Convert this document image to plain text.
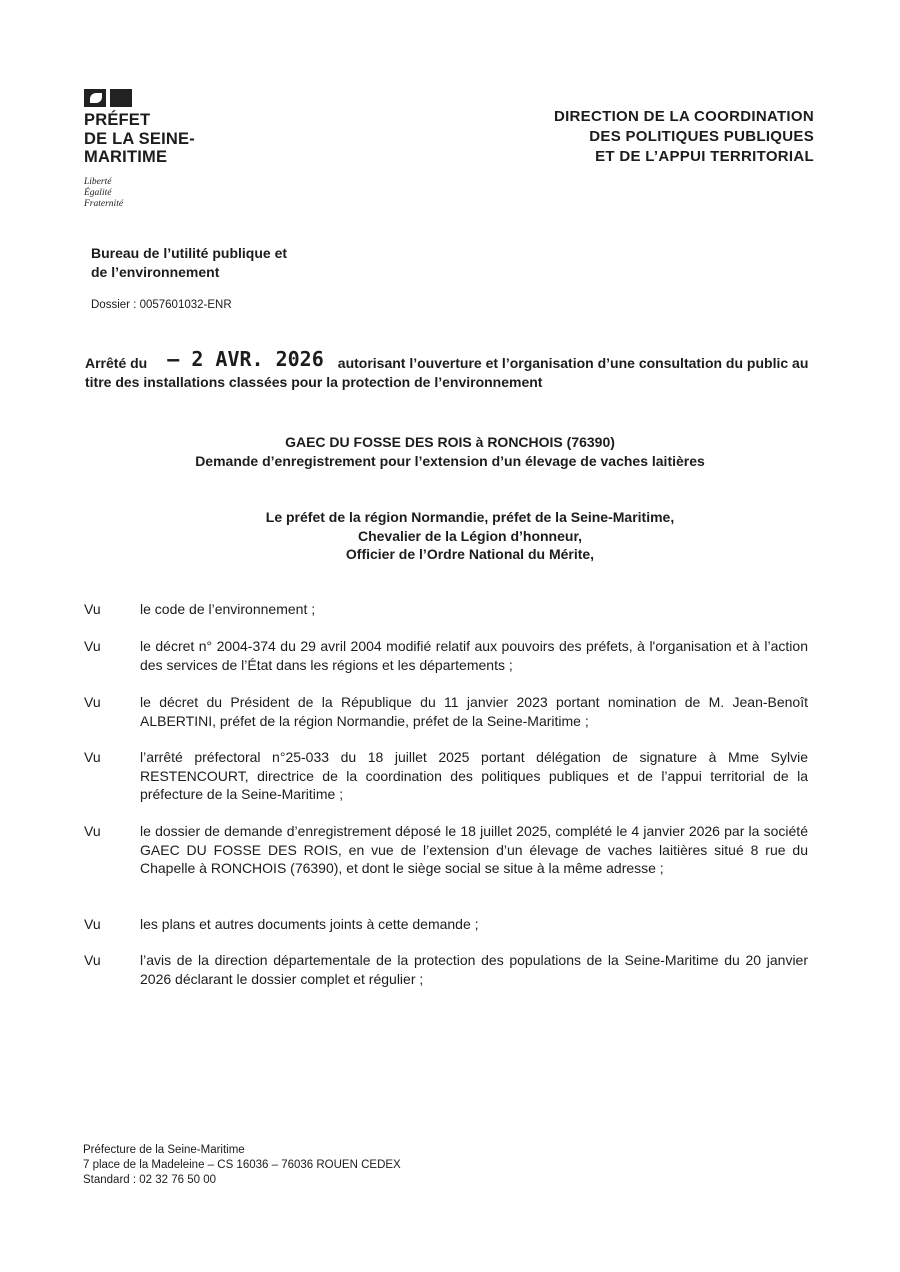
PRÉFET
DE LA SEINE-
MARITIME
Liberté
Égalité
Fraternité
DIRECTION DE LA COORDINATION
DES POLITIQUES PUBLIQUES
ET DE L’APPUI TERRITORIAL
Bureau de l’utilité publique et
de l’environnement
Dossier : 0057601032-ENR
Arrêté du – 2 AVR. 2026 autorisant l’ouverture et l’organisation d’une consultation du public au titre des installations classées pour la protection de l’environnement
GAEC DU FOSSE DES ROIS à RONCHOIS (76390)
Demande d’enregistrement pour l’extension d’un élevage de vaches laitières
Le préfet de la région Normandie, préfet de la Seine-Maritime,
Chevalier de la Légion d’honneur,
Officier de l’Ordre National du Mérite,
Vu	le code de l’environnement ;
Vu	le décret n° 2004-374 du 29 avril 2004 modifié relatif aux pouvoirs des préfets, à l'organisation et à l’action des services de l’État dans les régions et les départements ;
Vu	le décret du Président de la République du 11 janvier 2023 portant nomination de M. Jean-Benoît ALBERTINI, préfet de la région Normandie, préfet de la Seine-Maritime ;
Vu	l’arrêté préfectoral n°25-033 du 18 juillet 2025 portant délégation de signature à Mme Sylvie RESTENCOURT, directrice de la coordination des politiques publiques et de l’appui territorial de la préfecture de la Seine-Maritime ;
Vu	le dossier de demande d’enregistrement déposé le 18 juillet 2025, complété le 4 janvier 2026 par la société GAEC DU FOSSE DES ROIS, en vue de l’extension d’un élevage de vaches laitières situé 8 rue du Chapelle à RONCHOIS (76390), et dont le siège social se situe à la même adresse ;
Vu	les plans et autres documents joints à cette demande ;
Vu	l’avis de la direction départementale de la protection des populations de la Seine-Maritime du 20 janvier 2026 déclarant le dossier complet et régulier ;
Préfecture de la Seine-Maritime
7 place de la Madeleine – CS 16036 – 76036 ROUEN CEDEX
Standard : 02 32 76 50 00
